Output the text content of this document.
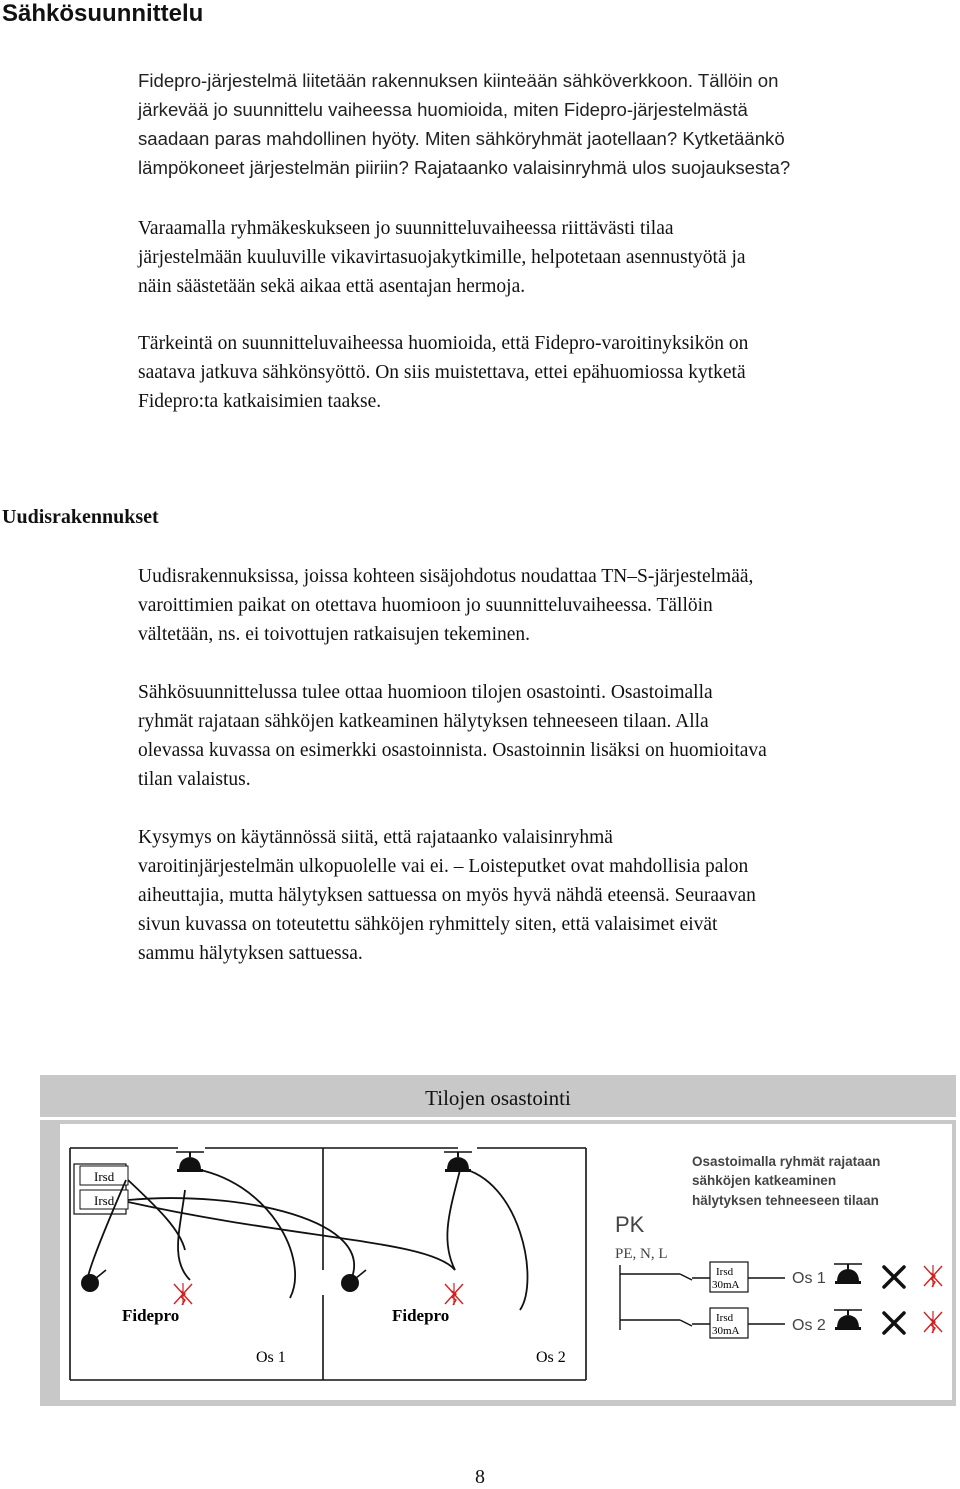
Sähkösuunnittelu
Fidepro-järjestelmä liitetään rakennuksen kiinteään sähköverkkoon. Tällöin on
järkevää jo suunnittelu vaiheessa huomioida, miten Fidepro-järjestelmästä
saadaan paras mahdollinen hyöty. Miten sähköryhmät jaotellaan? Kytketäänkö
lämpökoneet järjestelmän piiriin? Rajataanko valaisinryhmä ulos suojauksesta?
Varaamalla ryhmäkeskukseen jo suunnitteluvaiheessa riittävästi tilaa
järjestelmään kuuluville vikavirtasuojakytkimille, helpotetaan asennustyötä ja
näin säästetään sekä aikaa että asentajan hermoja.
Tärkeintä on suunnitteluvaiheessa huomioida, että Fidepro-varoitinyksikön on
saatava jatkuva sähkönsyöttö. On siis muistettava, ettei epähuomiossa kytketä
Fidepro:ta katkaisimien taakse.
Uudisrakennukset
Uudisrakennuksissa, joissa kohteen sisäjohdotus noudattaa TN–S-järjestelmää,
varoittimien paikat on otettava huomioon jo suunnitteluvaiheessa. Tällöin
vältetään, ns. ei toivottujen ratkaisujen tekeminen.
Sähkösuunnittelussa tulee ottaa huomioon tilojen osastointi. Osastoimalla
ryhmät rajataan sähköjen katkeaminen hälytyksen tehneeseen tilaan. Alla
olevassa kuvassa on esimerkki osastoinnista. Osastoinnin lisäksi on huomioitava
tilan valaistus.
Kysymys on käytännössä siitä, että rajataanko valaisinryhmä
varoitinjärjestelmän ulkopuolelle vai ei. – Loisteputket ovat mahdollisia palon
aiheuttajia, mutta hälytyksen sattuessa on myös hyvä nähdä eteensä. Seuraavan
sivun kuvassa on toteutettu sähköjen ryhmittely siten, että valaisimet eivät
sammu hälytyksen sattuessa.
Tilojen osastointi
Irsd
Irsd
Fidepro	Fidepro
Os 1	Os 2
Osastoimalla ryhmät rajataan
sähköjen katkeaminen
hälytyksen tehneeseen tilaan
PK
PE, N, L
Irsd
30mA
Irsd
30mA
Os 1
Os 2
8
